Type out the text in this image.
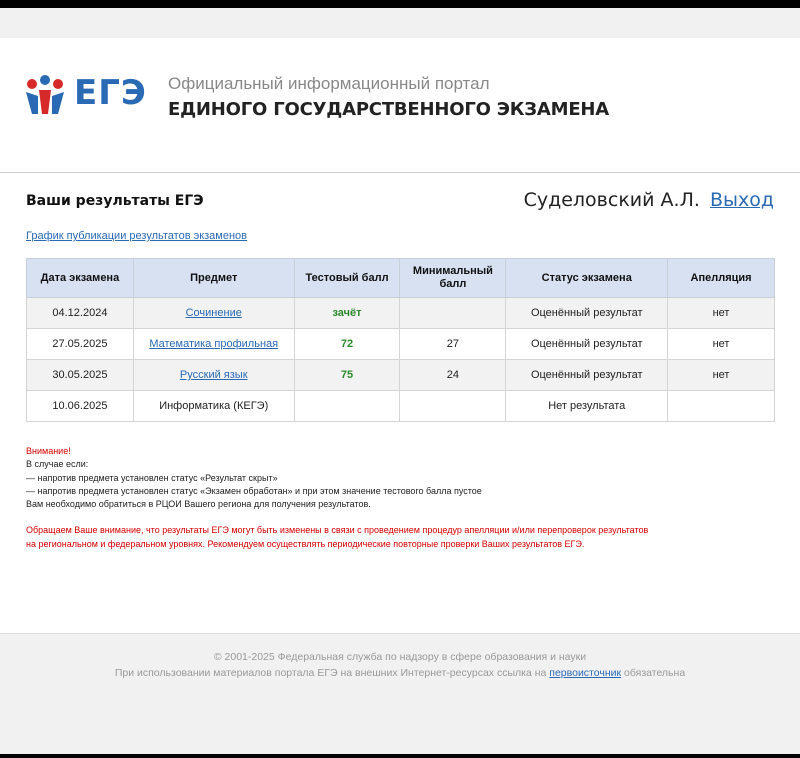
ЕГЭ Официальный информационный портал
ЕДИНОГО ГОСУДАРСТВЕННОГО ЭКЗАМЕНА
Ваши результаты ЕГЭ	Суделовский А.Л. Выход
График публикации результатов экзаменов
Дата экзамена	Предмет	Тестовый балл	Минимальный балл	Статус экзамена	Апелляция
04.12.2024	Сочинение	зачёт		Оценённый результат	нет
27.05.2025	Математика профильная	72	27	Оценённый результат	нет
30.05.2025	Русский язык	75	24	Оценённый результат	нет
10.06.2025	Информатика (КЕГЭ)			Нет результата	
Внимание!
В случае если:
— напротив предмета установлен статус «Результат скрыт»
— напротив предмета установлен статус «Экзамен обработан» и при этом значение тестового балла пустое
Вам необходимо обратиться в РЦОИ Вашего региона для получения результатов.
Обращаем Ваше внимание, что результаты ЕГЭ могут быть изменены в связи с проведением процедур апелляции и/или перепроверок результатов
на региональном и федеральном уровнях. Рекомендуем осуществлять периодические повторные проверки Ваших результатов ЕГЭ.
© 2001-2025 Федеральная служба по надзору в сфере образования и науки
При использовании материалов портала ЕГЭ на внешних Интернет-ресурсах ссылка на первоисточник обязательна
